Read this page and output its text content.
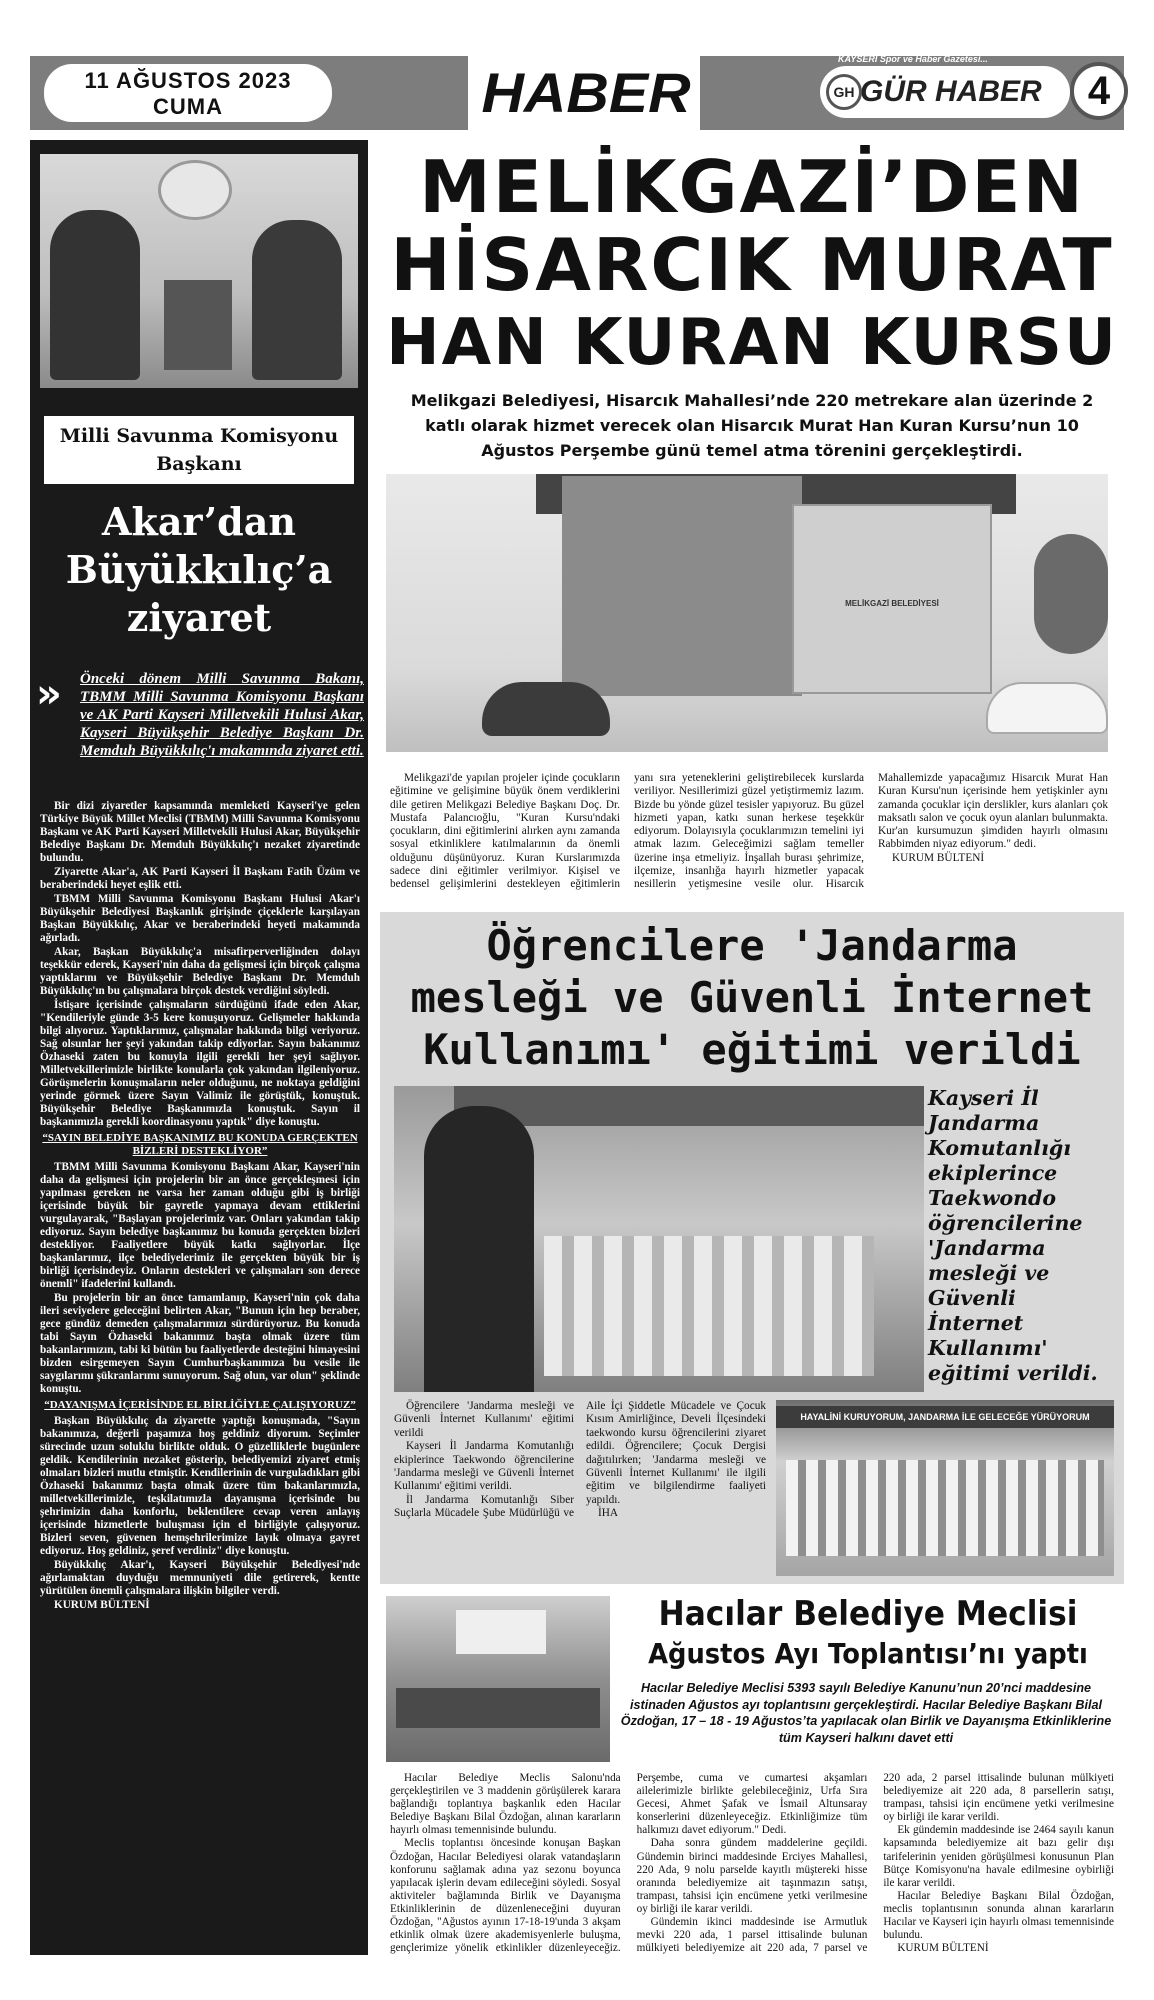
11 AĞUSTOS 2023
CUMA	HABER
KAYSERİ Spor ve Haber Gazetesi...
GH GÜR HABER	4
Milli Savunma Komisyonu Başkanı
Akar’dan Büyükkılıç’a ziyaret
» Önceki dönem Milli Savunma Bakanı, TBMM Milli Savunma Komisyonu Başkanı ve AK Parti Kayseri Milletvekili Hulusi Akar, Kayseri Büyükşehir Belediye Başkanı Dr. Memduh Büyükkılıç'ı makamında ziyaret etti.

Bir dizi ziyaretler kapsamında memleketi Kayseri'ye gelen Türkiye Büyük Millet Meclisi (TBMM) Milli Savunma Komisyonu Başkanı ve AK Parti Kayseri Milletvekili Hulusi Akar, Büyükşehir Belediye Başkanı Dr. Memduh Büyükkılıç'ı nezaket ziyaretinde bulundu.

Ziyarette Akar'a, AK Parti Kayseri İl Başkanı Fatih Üzüm ve beraberindeki heyet eşlik etti.

TBMM Milli Savunma Komisyonu Başkanı Hulusi Akar'ı Büyükşehir Belediyesi Başkanlık girişinde çiçeklerle karşılayan Başkan Büyükkılıç, Akar ve beraberindeki heyeti makamında ağırladı.

Akar, Başkan Büyükkılıç'a misafirperverliğinden dolayı teşekkür ederek, Kayseri'nin daha da gelişmesi için birçok çalışma yaptıklarını ve Büyükşehir Belediye Başkanı Dr. Memduh Büyükkılıç'ın bu çalışmalara birçok destek verdiğini söyledi.

İstişare içerisinde çalışmaların sürdüğünü ifade eden Akar, "Kendileriyle günde 3-5 kere konuşuyoruz. Gelişmeler hakkında bilgi alıyoruz. Yaptıklarımız, çalışmalar hakkında bilgi veriyoruz. Sağ olsunlar her şeyi yakından takip ediyorlar. Sayın bakanımız Özhaseki zaten bu konuyla ilgili gerekli her şeyi sağlıyor. Milletvekillerimizle birlikte konularla çok yakından ilgileniyoruz. Görüşmelerin konuşmaların neler olduğunu, ne noktaya geldiğini yerinde görmek üzere Sayın Valimiz ile görüştük, konuştuk. Büyükşehir Belediye Başkanımızla konuştuk. Sayın il başkanımızla gerekli koordinasyonu yaptık" diye konuştu.

“SAYIN BELEDİYE BAŞKANIMIZ BU KONUDA GERÇEKTEN BİZLERİ DESTEKLİYOR”

TBMM Milli Savunma Komisyonu Başkanı Akar, Kayseri'nin daha da gelişmesi için projelerin bir an önce gerçekleşmesi için yapılması gereken ne varsa her zaman olduğu gibi iş birliği içerisinde büyük bir gayretle yapmaya devam ettiklerini vurgulayarak, "Başlayan projelerimiz var. Onları yakından takip ediyoruz. Sayın belediye başkanımız bu konuda gerçekten bizleri destekliyor. Faaliyetlere büyük katkı sağlıyorlar. İlçe başkanlarımız, ilçe belediyelerimiz ile gerçekten büyük bir iş birliği içerisindeyiz. Onların destekleri ve çalışmaları son derece önemli" ifadelerini kullandı.

Bu projelerin bir an önce tamamlanıp, Kayseri'nin çok daha ileri seviyelere geleceğini belirten Akar, "Bunun için hep beraber, gece gündüz demeden çalışmalarımızı sürdürüyoruz. Bu konuda tabi Sayın Özhaseki bakanımız başta olmak üzere tüm bakanlarımızın, tabi ki bütün bu faaliyetlerde desteğini himayesini bizden esirgemeyen Sayın Cumhurbaşkanımıza bu vesile ile saygılarımı şükranlarımı sunuyorum. Sağ olun, var olun" şeklinde konuştu.

“DAYANIŞMA İÇERİSİNDE EL BİRLİĞİYLE ÇALIŞIYORUZ”

Başkan Büyükkılıç da ziyarette yaptığı konuşmada, "Sayın bakanımıza, değerli paşamıza hoş geldiniz diyorum. Seçimler sürecinde uzun soluklu birlikte olduk. O güzelliklerle bugünlere geldik. Kendilerinin nezaket gösterip, belediyemizi ziyaret etmiş olmaları bizleri mutlu etmiştir. Kendilerinin de vurguladıkları gibi Özhaseki bakanımız başta olmak üzere tüm bakanlarımızla, milletvekillerimizle, teşkilatımızla dayanışma içerisinde bu şehrimizin daha konforlu, beklentilere cevap veren anlayış içerisinde hizmetlerle buluşması için el birliğiyle çalışıyoruz. Bizleri seven, güvenen hemşehrilerimize layık olmaya gayret ediyoruz. Hoş geldiniz, şeref verdiniz" diye konuştu.

Büyükkılıç Akar'ı, Kayseri Büyükşehir Belediyesi'nde ağırlamaktan duyduğu memnuniyeti dile getirerek, kentte yürütülen önemli çalışmalara ilişkin bilgiler verdi.

KURUM BÜLTENİ

MELİKGAZİ’DEN
HİSARCIK MURAT
HAN KURAN KURSU
Melikgazi Belediyesi, Hisarcık Mahallesi’nde 220 metrekare alan üzerinde 2 katlı olarak hizmet verecek olan Hisarcık Murat Han Kuran Kursu’nun 10 Ağustos Perşembe günü temel atma törenini gerçekleştirdi.
MELİKGAZİ BELEDİYESİ

Melikgazi'de yapılan projeler içinde çocukların eğitimine ve gelişimine büyük önem verdiklerini dile getiren Melikgazi Belediye Başkanı Doç. Dr. Mustafa Palancıoğlu, "Kuran Kursu'ndaki çocukların, dini eğitimlerini alırken aynı zamanda sosyal etkinliklere katılmalarının da önemli olduğunu düşünüyoruz. Kuran Kurslarımızda sadece dini eğitimler verilmiyor. Kişisel ve bedensel gelişimlerini destekleyen eğitimlerin yanı sıra yeteneklerini geliştirebilecek kurslarda veriliyor. Nesillerimizi güzel yetiştirmemiz lazım. Bizde bu yönde güzel tesisler yapıyoruz. Bu güzel hizmeti yapan, katkı sunan herkese teşekkür ediyorum. Dolayısıyla çocuklarımızın temelini iyi atmak lazım. Geleceğimizi sağlam temeller üzerine inşa etmeliyiz. İnşallah burası şehrimize, ilçemize, insanlığa hayırlı hizmetler yapacak nesillerin yetişmesine vesile olur. Hisarcık Mahallemizde yapacağımız Hisarcık Murat Han Kuran Kursu'nun içerisinde hem yetişkinler aynı zamanda çocuklar için derslikler, kurs alanları çok maksatlı salon ve çocuk oyun alanları bulunmakta. Kur'an kursumuzun şimdiden hayırlı olmasını Rabbimden niyaz ediyorum." dedi.

KURUM BÜLTENİ

Öğrencilere 'Jandarma mesleği ve Güvenli İnternet Kullanımı' eğitimi verildi
Kayseri İl Jandarma Komutanlığı ekiplerince Taekwondo öğrencilerine 'Jandarma mesleği ve Güvenli İnternet Kullanımı' eğitimi verildi.

Öğrencilere 'Jandarma mesleği ve Güvenli İnternet Kullanımı' eğitimi verildi

Kayseri İl Jandarma Komutanlığı ekiplerince Taekwondo öğrencilerine 'Jandarma mesleği ve Güvenli İnternet Kullanımı' eğitimi verildi.

İl Jandarma Komutanlığı Siber Suçlarla Mücadele Şube Müdürlüğü ve Aile İçi Şiddetle Mücadele ve Çocuk Kısım Amirliğince, Develi İlçesindeki taekwondo kursu öğrencilerini ziyaret edildi. Öğrencilere; Çocuk Dergisi dağıtılırken; 'Jandarma mesleği ve Güvenli İnternet Kullanımı' ile ilgili eğitim ve bilgilendirme faaliyeti yapıldı.

İHA

HAYALİNİ KURUYORUM, JANDARMA İLE GELECEĞE YÜRÜYORUM
Hacılar Belediye Meclisi
Ağustos Ayı Toplantısı’nı yaptı
Hacılar Belediye Meclisi 5393 sayılı Belediye Kanunu’nun 20’nci maddesine istinaden Ağustos ayı toplantısını gerçekleştirdi. Hacılar Belediye Başkanı Bilal Özdoğan, 17 – 18 - 19 Ağustos’ta yapılacak olan Birlik ve Dayanışma Etkinliklerine tüm Kayseri halkını davet etti

Hacılar Belediye Meclis Salonu'nda gerçekleştirilen ve 3 maddenin görüşülerek karara bağlandığı toplantıya başkanlık eden Hacılar Belediye Başkanı Bilal Özdoğan, alınan kararların hayırlı olması temennisinde bulundu.

Meclis toplantısı öncesinde konuşan Başkan Özdoğan, Hacılar Belediyesi olarak vatandaşların konforunu sağlamak adına yaz sezonu boyunca yapılacak işlerin devam edileceğini söyledi. Sosyal aktiviteler bağlamında Birlik ve Dayanışma Etkinliklerinin de düzenleneceğini duyuran Özdoğan, "Ağustos ayının 17-18-19'unda 3 akşam etkinlik olmak üzere akademisyenlerle buluşma, gençlerimize yönelik etkinlikler düzenleyeceğiz. Perşembe, cuma ve cumartesi akşamları ailelerimizle birlikte gelebileceğiniz, Urfa Sıra Gecesi, Ahmet Şafak ve İsmail Altunsaray konserlerini düzenleyeceğiz. Etkinliğimize tüm halkımızı davet ediyorum." Dedi.

Daha sonra gündem maddelerine geçildi. Gündemin birinci maddesinde Erciyes Mahallesi, 220 Ada, 9 nolu parselde kayıtlı müştereki hisse oranında belediyemize ait taşınmazın satışı, trampası, tahsisi için encümene yetki verilmesine oy birliği ile karar verildi.

Gündemin ikinci maddesinde ise Armutluk mevki 220 ada, 1 parsel ittisalinde bulunan mülkiyeti belediyemize ait 220 ada, 7 parsel ve 220 ada, 2 parsel ittisalinde bulunan mülkiyeti belediyemize ait 220 ada, 8 parsellerin satışı, trampası, tahsisi için encümene yetki verilmesine oy birliği ile karar verildi.

Ek gündemin maddesinde ise 2464 sayılı kanun kapsamında belediyemize ait bazı gelir dışı tarifelerinin yeniden görüşülmesi konusunun Plan Bütçe Komisyonu'na havale edilmesine oybirliği ile karar verildi.

Hacılar Belediye Başkanı Bilal Özdoğan, meclis toplantısının sonunda alınan kararların Hacılar ve Kayseri için hayırlı olması temennisinde bulundu.

KURUM BÜLTENİ
